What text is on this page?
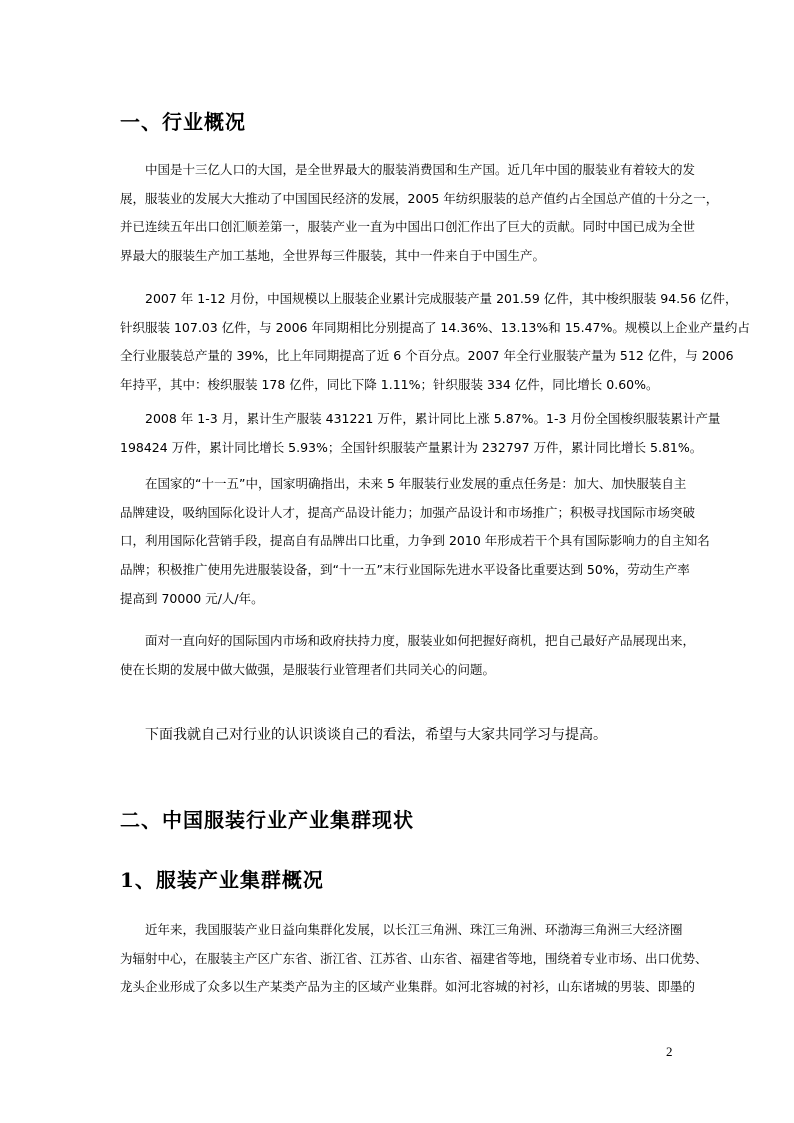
一、行业概况
中国是十三亿人口的大国，是全世界最大的服装消费国和生产国。近几年中国的服装业有着较大的发
展，服装业的发展大大推动了中国国民经济的发展，2005 年纺织服装的总产值约占全国总产值的十分之一，
并已连续五年出口创汇顺差第一，服装产业一直为中国出口创汇作出了巨大的贡献。同时中国已成为全世
界最大的服装生产加工基地，全世界每三件服装，其中一件来自于中国生产。
2007 年 1-12 月份，中国规模以上服装企业累计完成服装产量 201.59 亿件，其中梭织服装 94.56 亿件，
针织服装 107.03 亿件，与 2006 年同期相比分别提高了 14.36%、13.13%和 15.47%。规模以上企业产量约占
全行业服装总产量的 39%，比上年同期提高了近 6 个百分点。2007 年全行业服装产量为 512 亿件，与 2006
年持平，其中：梭织服装 178 亿件，同比下降 1.11%；针织服装 334 亿件，同比增长 0.60%。
2008 年 1-3 月，累计生产服装 431221 万件，累计同比上涨 5.87%。1-3 月份全国梭织服装累计产量
198424 万件，累计同比增长 5.93%；全国针织服装产量累计为 232797 万件，累计同比增长 5.81%。
在国家的“十一五”中，国家明确指出，未来 5 年服装行业发展的重点任务是：加大、加快服装自主
品牌建设，吸纳国际化设计人才，提高产品设计能力；加强产品设计和市场推广；积极寻找国际市场突破
口，利用国际化营销手段，提高自有品牌出口比重，力争到 2010 年形成若干个具有国际影响力的自主知名
品牌；积极推广使用先进服装设备，到“十一五”末行业国际先进水平设备比重要达到 50%，劳动生产率
提高到 70000 元/人/年。
面对一直向好的国际国内市场和政府扶持力度，服装业如何把握好商机，把自己最好产品展现出来，
使在长期的发展中做大做强，是服装行业管理者们共同关心的问题。
下面我就自己对行业的认识谈谈自己的看法，希望与大家共同学习与提高。
二、中国服装行业产业集群现状
1、服装产业集群概况
近年来，我国服装产业日益向集群化发展，以长江三角洲、珠江三角洲、环渤海三角洲三大经济圈
为辐射中心，在服装主产区广东省、浙江省、江苏省、山东省、福建省等地，围绕着专业市场、出口优势、
龙头企业形成了众多以生产某类产品为主的区域产业集群。如河北容城的衬衫，山东诸城的男装、即墨的
2
